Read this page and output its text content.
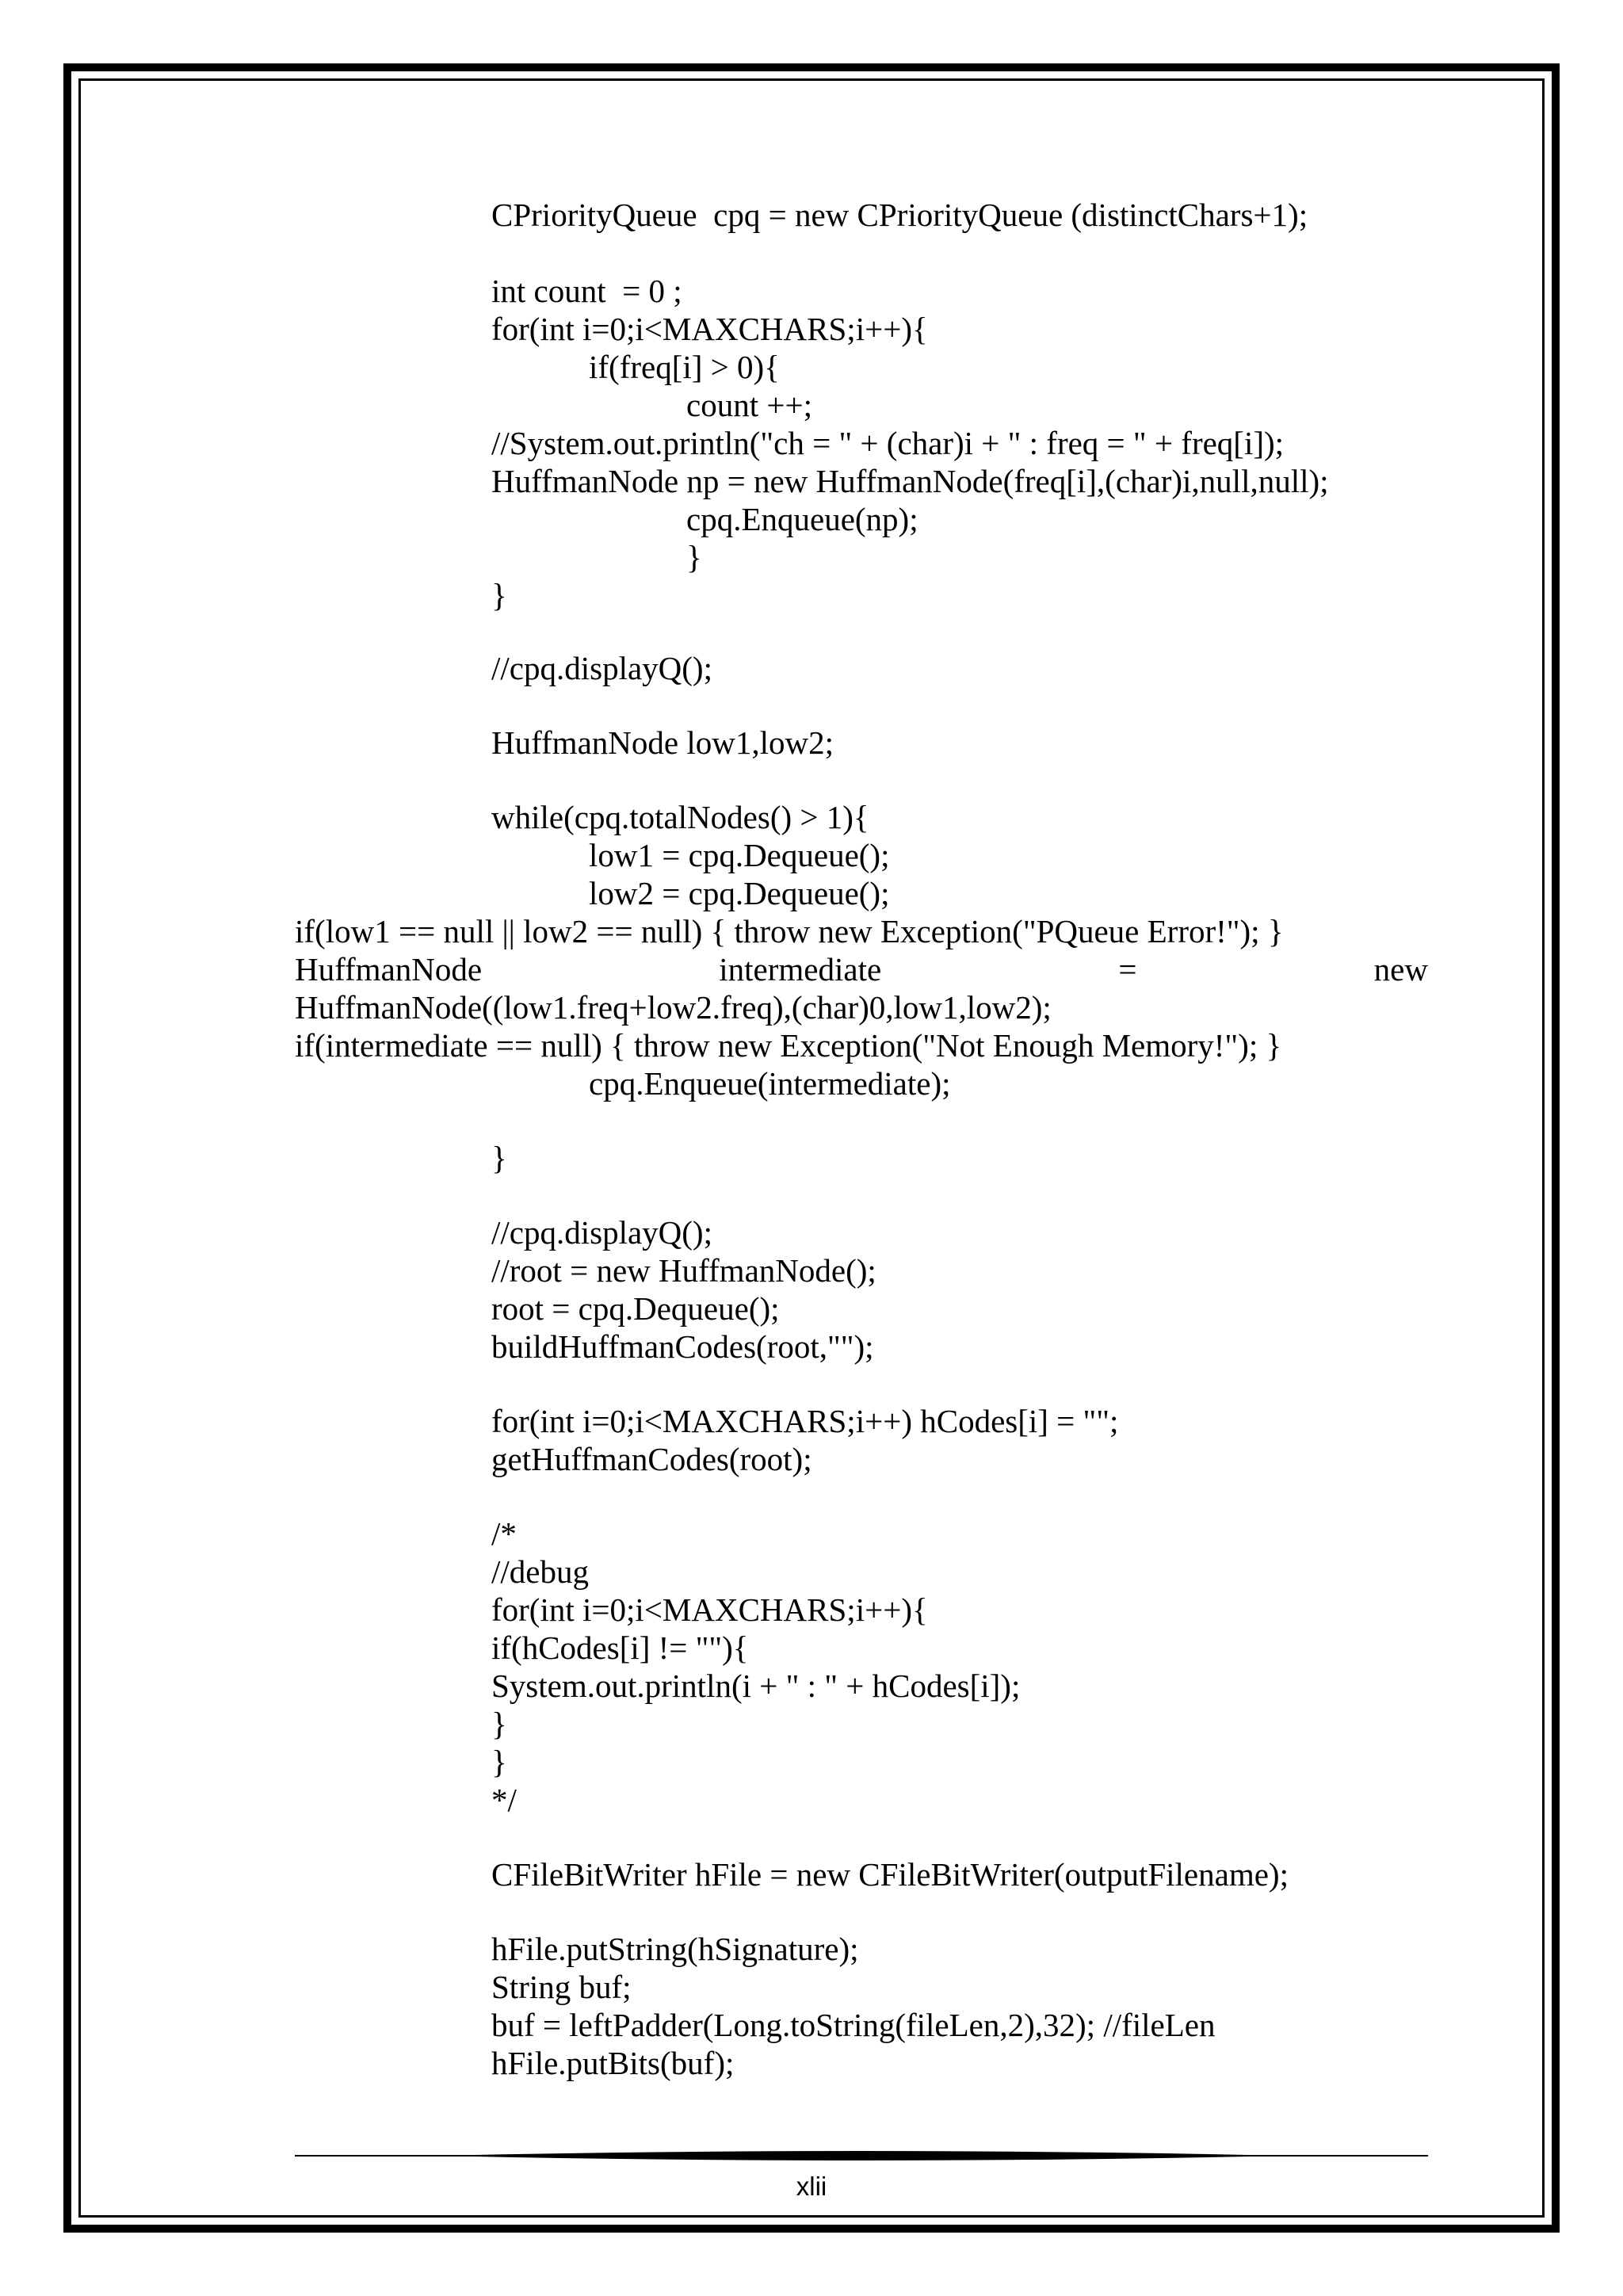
CPriorityQueue  cpq = new CPriorityQueue (distinctChars+1);
int count  = 0 ;
for(int i=0;i<MAXCHARS;i++){
if(freq[i] > 0){
count ++;
//System.out.println("ch = " + (char)i + " : freq = " + freq[i]);
HuffmanNode np = new HuffmanNode(freq[i],(char)i,null,null);
cpq.Enqueue(np);
}
}
//cpq.displayQ();
HuffmanNode low1,low2;
while(cpq.totalNodes() > 1){
low1 = cpq.Dequeue();
low2 = cpq.Dequeue();
if(low1 == null || low2 == null) { throw new Exception("PQueue Error!"); }
HuffmanNode	intermediate	=	new
HuffmanNode((low1.freq+low2.freq),(char)0,low1,low2);
if(intermediate == null) { throw new Exception("Not Enough Memory!"); }
cpq.Enqueue(intermediate);
}
//cpq.displayQ();
//root = new HuffmanNode();
root = cpq.Dequeue();
buildHuffmanCodes(root,"");
for(int i=0;i<MAXCHARS;i++) hCodes[i] = "";
getHuffmanCodes(root);
/*
//debug
for(int i=0;i<MAXCHARS;i++){
if(hCodes[i] != ""){
System.out.println(i + " : " + hCodes[i]);
}
}
*/
CFileBitWriter hFile = new CFileBitWriter(outputFilename);
hFile.putString(hSignature);
String buf;
buf = leftPadder(Long.toString(fileLen,2),32); //fileLen
hFile.putBits(buf);
xlii
